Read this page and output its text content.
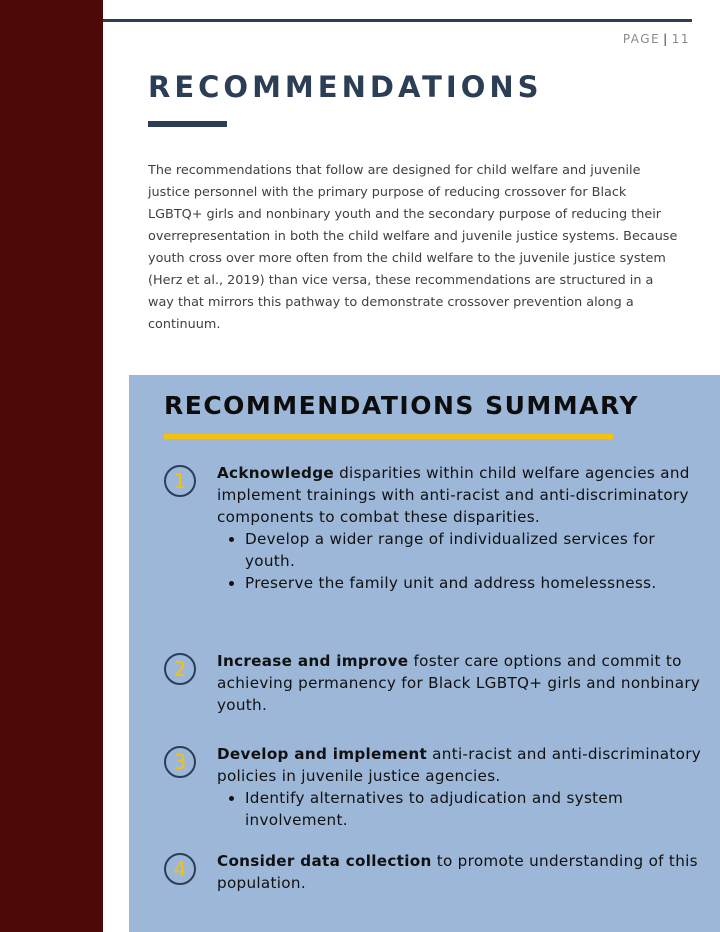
PAGE | 11
RECOMMENDATIONS

The recommendations that follow are designed for child welfare and juvenile justice personnel with the primary purpose of reducing crossover for Black LGBTQ+ girls and nonbinary youth and the secondary purpose of reducing their overrepresentation in both the child welfare and juvenile justice systems. Because youth cross over more often from the child welfare to the juvenile justice system (Herz et al., 2019) than vice versa, these recommendations are structured in a way that mirrors this pathway to demonstrate crossover prevention along a continuum.

RECOMMENDATIONS SUMMARY
1	Acknowledge disparities within child welfare agencies and implement trainings with anti-racist and anti-discriminatory components to combat these disparities.
• Develop a wider range of individualized services for youth.
• Preserve the family unit and address homelessness.
2	Increase and improve foster care options and commit to achieving permanency for Black LGBTQ+ girls and nonbinary youth.
3	Develop and implement anti-racist and anti-discriminatory policies in juvenile justice agencies.
• Identify alternatives to adjudication and system involvement.
4	Consider data collection to promote understanding of this population.
